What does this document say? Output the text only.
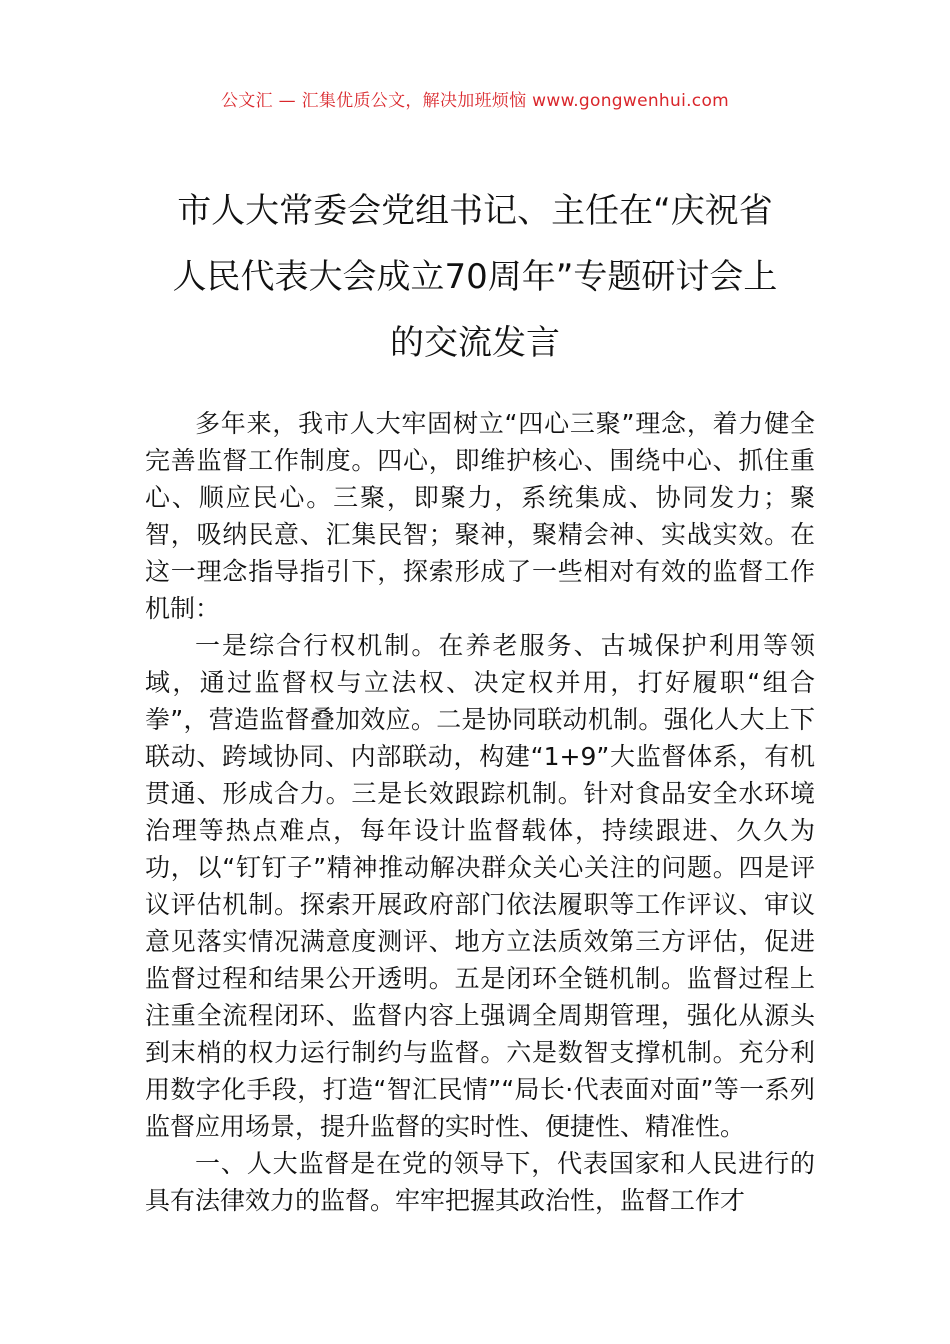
公文汇 — 汇集优质公文，解决加班烦恼 www.gongwenhui.com
市人大常委会党组书记、主任在“庆祝省
人民代表大会成立70周年”专题研讨会上
的交流发言

多年来，我市人大牢固树立“四心三聚”理念，着力健全完善监督工作制度。四心，即维护核心、围绕中心、抓住重心、顺应民心。三聚，即聚力，系统集成、协同发力；聚智，吸纳民意、汇集民智；聚神，聚精会神、实战实效。在这一理念指导指引下，探索形成了一些相对有效的监督工作机制：

一是综合行权机制。在养老服务、古城保护利用等领域，通过监督权与立法权、决定权并用，打好履职“组合拳”，营造监督叠加效应。二是协同联动机制。强化人大上下联动、跨域协同、内部联动，构建“1+9”大监督体系，有机贯通、形成合力。三是长效跟踪机制。针对食品安全水环境治理等热点难点，每年设计监督载体，持续跟进、久久为功，以“钉钉子”精神推动解决群众关心关注的问题。四是评议评估机制。探索开展政府部门依法履职等工作评议、审议意见落实情况满意度测评、地方立法质效第三方评估，促进监督过程和结果公开透明。五是闭环全链机制。监督过程上注重全流程闭环、监督内容上强调全周期管理，强化从源头到末梢的权力运行制约与监督。六是数智支撑机制。充分利用数字化手段，打造“智汇民情”“局长·代表面对面”等一系列监督应用场景，提升监督的实时性、便捷性、精准性。

一、人大监督是在党的领导下，代表国家和人民进行的具有法律效力的监督。牢牢把握其政治性，监督工作才
